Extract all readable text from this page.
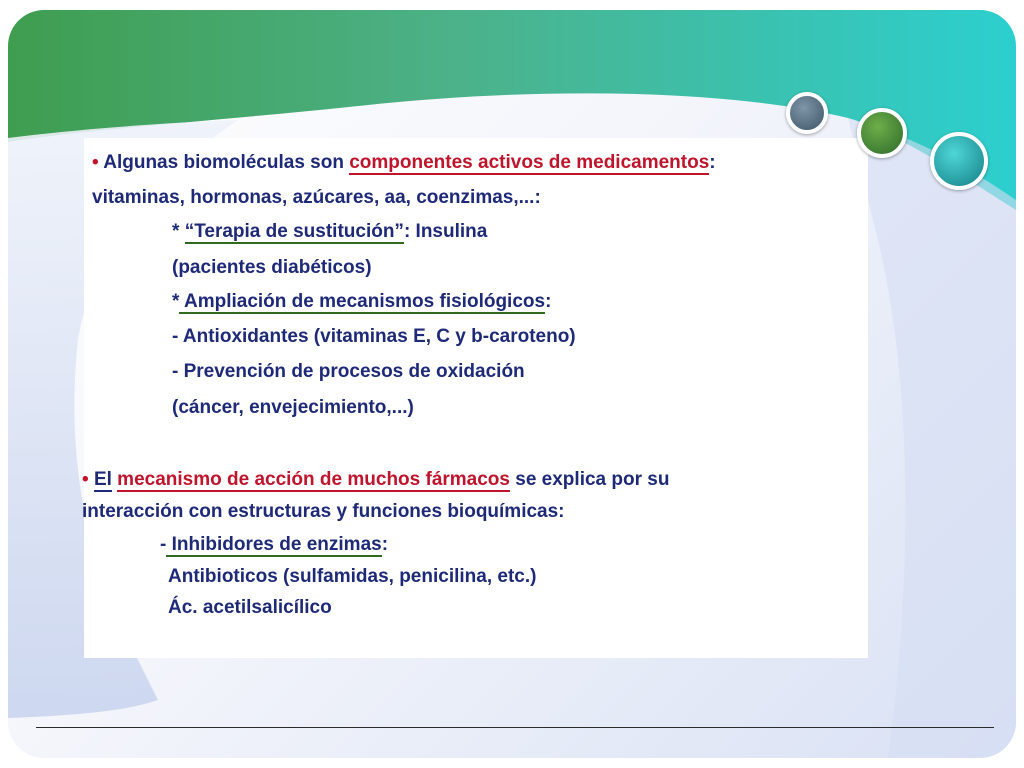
• Algunas biomoléculas son componentes activos de medicamentos:
vitaminas, hormonas, azúcares, aa, coenzimas,...:
* “Terapia de sustitución”: Insulina
(pacientes diabéticos)
* Ampliación de mecanismos fisiológicos:
- Antioxidantes (vitaminas E, C y b-caroteno)
- Prevención de procesos de oxidación
(cáncer, envejecimiento,...)
• El mecanismo de acción de muchos fármacos se explica por su
interacción con estructuras y funciones bioquímicas:
- Inhibidores de enzimas:
Antibioticos (sulfamidas, penicilina, etc.)
Ác. acetilsalicílico
